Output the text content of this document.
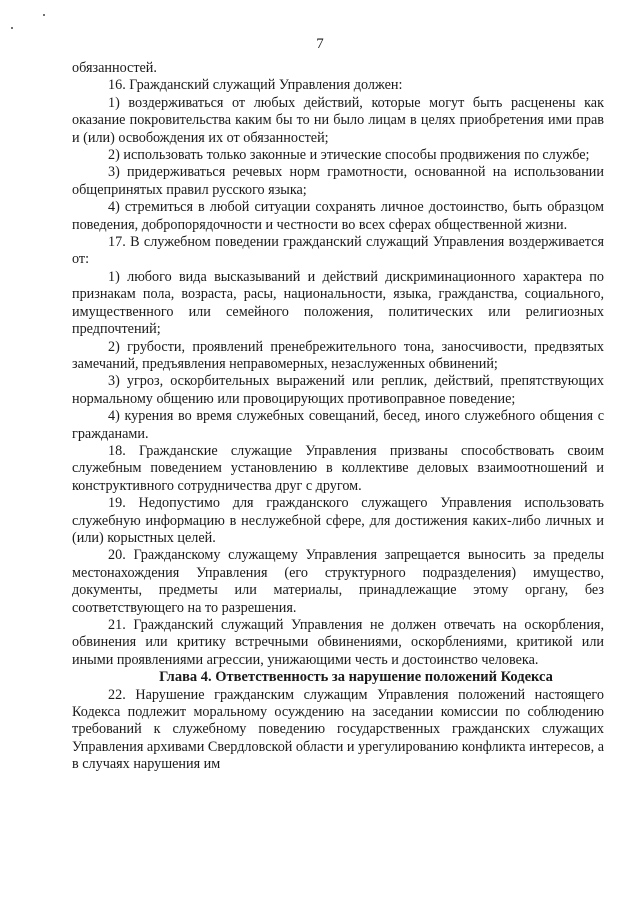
7

обязанностей.

16. Гражданский служащий Управления должен:

1) воздерживаться от любых действий, которые могут быть расценены как оказание покровительства каким бы то ни было лицам в целях приобретения ими прав и (или) освобождения их от обязанностей;

2) использовать только законные и этические способы продвижения по службе;

3) придерживаться речевых норм грамотности, основанной на использовании общепринятых правил русского языка;

4) стремиться в любой ситуации сохранять личное достоинство, быть образцом поведения, добропорядочности и честности во всех сферах общественной жизни.

17. В служебном поведении гражданский служащий Управления воздерживается от:

1) любого вида высказываний и действий дискриминационного характера по признакам пола, возраста, расы, национальности, языка, гражданства, социального, имущественного или семейного положения, политических или религиозных предпочтений;

2) грубости, проявлений пренебрежительного тона, заносчивости, предвзятых замечаний, предъявления неправомерных, незаслуженных обвинений;

3) угроз, оскорбительных выражений или реплик, действий, препятствующих нормальному общению или провоцирующих противоправное поведение;

4) курения во время служебных совещаний, бесед, иного служебного общения с гражданами.

18. Гражданские служащие Управления призваны способствовать своим служебным поведением установлению в коллективе деловых взаимоотношений и конструктивного сотрудничества друг с другом.

19. Недопустимо для гражданского служащего Управления использовать служебную информацию в неслужебной сфере, для достижения каких-либо личных и (или) корыстных целей.

20. Гражданскому служащему Управления запрещается выносить за пределы местонахождения Управления (его структурного подразделения) имущество, документы, предметы или материалы, принадлежащие этому органу, без соответствующего на то разрешения.

21. Гражданский служащий Управления не должен отвечать на оскорбления, обвинения или критику встречными обвинениями, оскорблениями, критикой или иными проявлениями агрессии, унижающими честь и достоинство человека.

Глава 4. Ответственность за нарушение положений Кодекса

22. Нарушение гражданским служащим Управления положений настоящего Кодекса подлежит моральному осуждению на заседании комиссии по соблюдению требований к служебному поведению государственных гражданских служащих Управления архивами Свердловской области и урегулированию конфликта интересов, а в случаях нарушения им
